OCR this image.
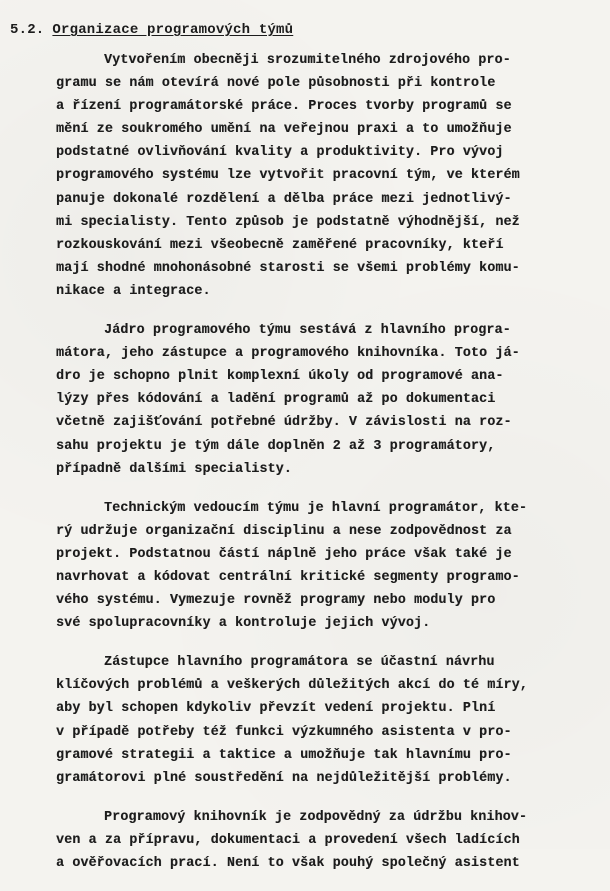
5.2. Organizace programových týmů

Vytvořením obecněji srozumitelného zdrojového pro-
gramu se nám otevírá nové pole působnosti při kontrole
a řízení programátorské práce. Proces tvorby programů se
mění ze soukromého umění na veřejnou praxi a to umožňuje
podstatné ovlivňování kvality a produktivity. Pro vývoj
programového systému lze vytvořit pracovní tým, ve kterém
panuje dokonalé rozdělení a dělba práce mezi jednotlivý-
mi specialisty. Tento způsob je podstatně výhodnější, než
rozkouskování mezi všeobecně zaměřené pracovníky, kteří
mají shodné mnohonásobné starosti se všemi problémy komu-
nikace a integrace.

Jádro programového týmu sestává z hlavního progra-
mátora, jeho zástupce a programového knihovníka. Toto já-
dro je schopno plnit komplexní úkoly od programové ana-
lýzy přes kódování a ladění programů až po dokumentaci
včetně zajišťování potřebné údržby. V závislosti na roz-
sahu projektu je tým dále doplněn 2 až 3 programátory,
případně dalšími specialisty.

Technickým vedoucím týmu je hlavní programátor, kte-
rý udržuje organizační disciplinu a nese zodpovědnost za
projekt. Podstatnou částí náplně jeho práce však také je
navrhovat a kódovat centrální kritické segmenty programo-
vého systému. Vymezuje rovněž programy nebo moduly pro
své spolupracovníky a kontroluje jejich vývoj.

Zástupce hlavního programátora se účastní návrhu
klíčových problémů a veškerých důležitých akcí do té míry,
aby byl schopen kdykoliv převzít vedení projektu. Plní
v případě potřeby též funkci výzkumného asistenta v pro-
gramové strategii a taktice a umožňuje tak hlavnímu pro-
gramátorovi plné soustředění na nejdůležitější problémy.

Programový knihovník je zodpovědný za údržbu knihov-
ven a za přípravu, dokumentaci a provedení všech ladících
a ověřovacích prací. Není to však pouhý společný asistent
